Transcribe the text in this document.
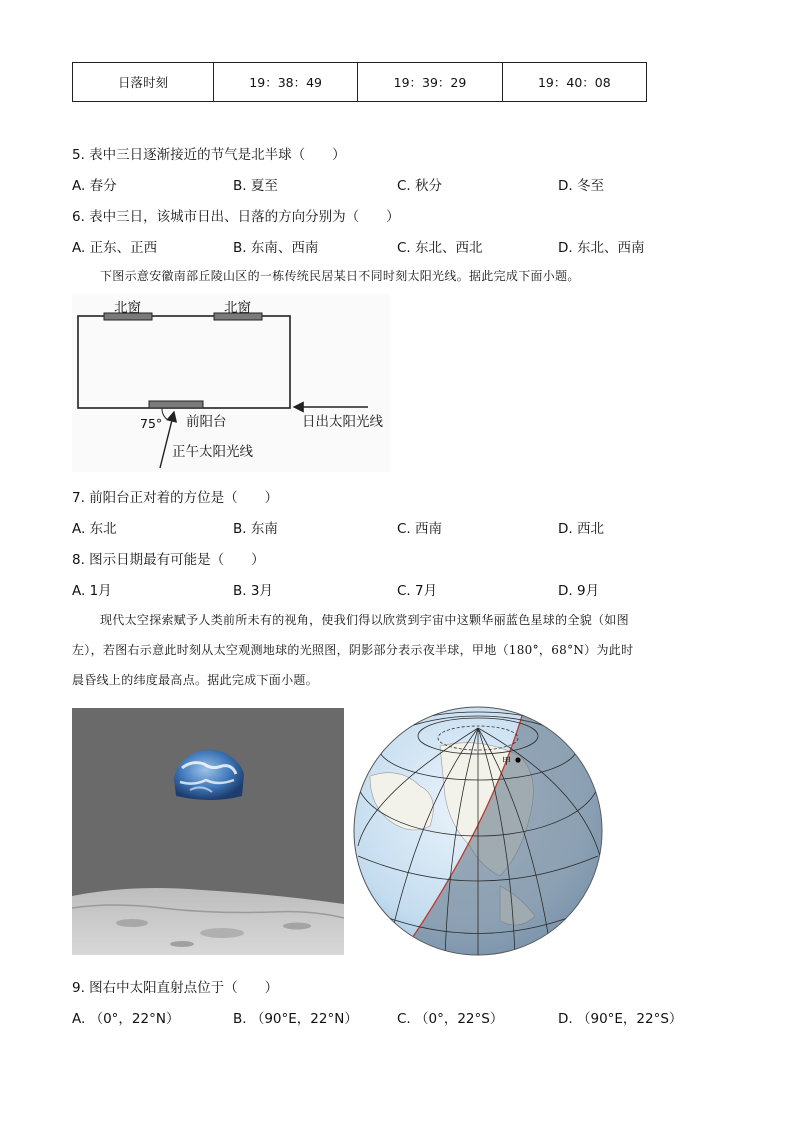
日落时刻	19：38：49	19：39：29	19：40：08
5. 表中三日逐渐接近的节气是北半球（　　）
A. 春分	B. 夏至	C. 秋分	D. 冬至
6. 表中三日，该城市日出、日落的方向分别为（　　）
A. 正东、正西	B. 东南、西南	C. 东北、西北	D. 东北、西南
下图示意安徽南部丘陵山区的一栋传统民居某日不同时刻太阳光线。据此完成下面小题。
北窗	北窗
前阳台
75°	日出太阳光线
正午太阳光线
7. 前阳台正对着的方位是（　　）
A. 东北	B. 东南	C. 西南	D. 西北
8. 图示日期最有可能是（　　）
A. 1月	B. 3月	C. 7月	D. 9月
现代太空探索赋予人类前所未有的视角，使我们得以欣赏到宇宙中这颗华丽蓝色星球的全貌（如图
左），若图右示意此时刻从太空观测地球的光照图，阴影部分表示夜半球，甲地（180°，68°N）为此时
晨昏线上的纬度最高点。据此完成下面小题。
甲
9. 图右中太阳直射点位于（　　）
A. （0°，22°N）	B. （90°E，22°N）	C. （0°，22°S）	D. （90°E，22°S）
